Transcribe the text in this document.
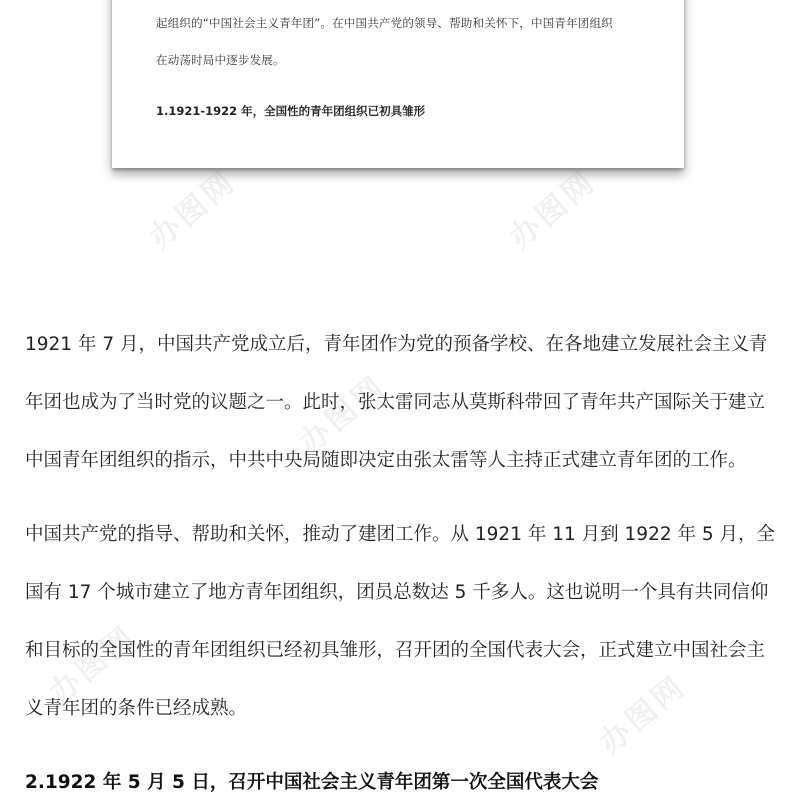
办图网	办图网
办图网
办图网
办图网
起组织的“中国社会主义青年团”。在中国共产党的领导、帮助和关怀下，中国青年团组织
在动荡时局中逐步发展。
1.1921-1922 年，全国性的青年团组织已初具雏形
1921 年 7 月，中国共产党成立后，青年团作为党的预备学校、在各地建立发展社会主义青
年团也成为了当时党的议题之一。此时，张太雷同志从莫斯科带回了青年共产国际关于建立
中国青年团组织的指示，中共中央局随即决定由张太雷等人主持正式建立青年团的工作。
中国共产党的指导、帮助和关怀，推动了建团工作。从 1921 年 11 月到 1922 年 5 月，全
国有 17 个城市建立了地方青年团组织，团员总数达 5 千多人。这也说明一个具有共同信仰
和目标的全国性的青年团组织已经初具雏形，召开团的全国代表大会，正式建立中国社会主
义青年团的条件已经成熟。
2.1922 年 5 月 5 日，召开中国社会主义青年团第一次全国代表大会
